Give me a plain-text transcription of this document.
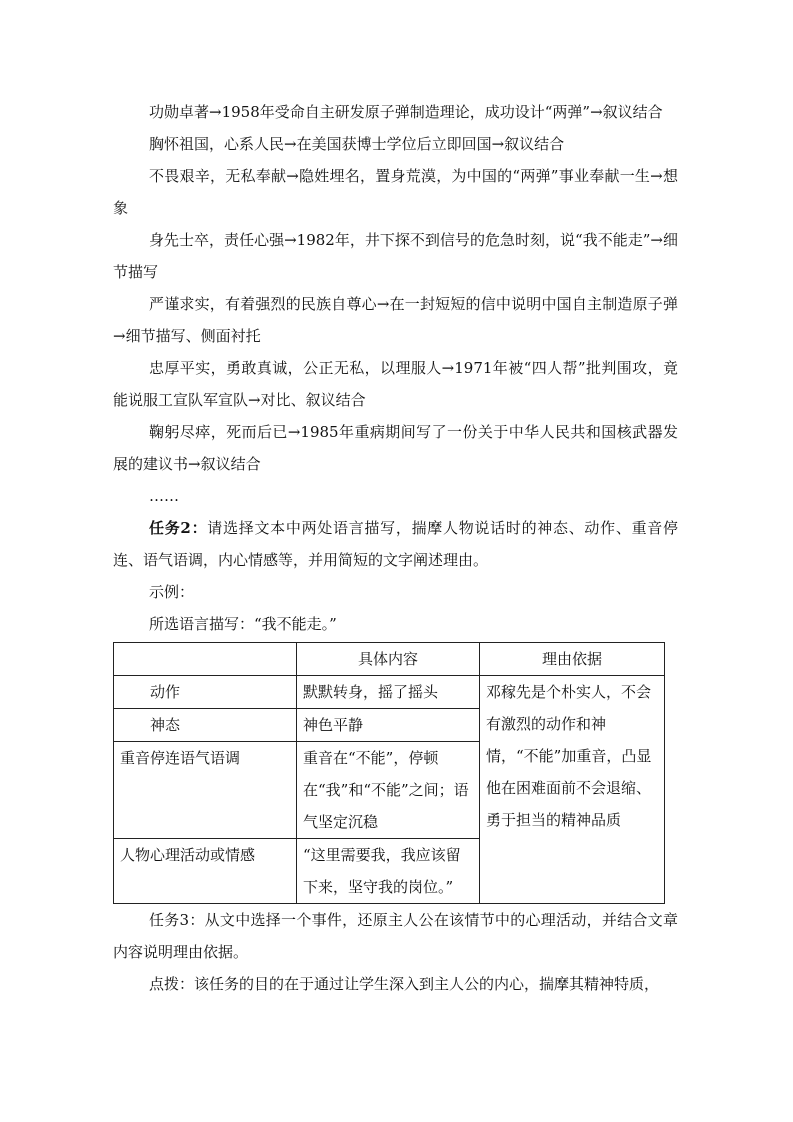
功勋卓著→1958年受命自主研发原子弹制造理论，成功设计“两弹”→叙议结合

胸怀祖国，心系人民→在美国获博士学位后立即回国→叙议结合

不畏艰辛，无私奉献→隐姓埋名，置身荒漠，为中国的“两弹”事业奉献一生→想象

身先士卒，责任心强→1982年，井下探不到信号的危急时刻，说“我不能走”→细节描写

严谨求实，有着强烈的民族自尊心→在一封短短的信中说明中国自主制造原子弹→细节描写、侧面衬托

忠厚平实，勇敢真诚，公正无私，以理服人→1971年被“四人帮”批判围攻，竟能说服工宣队军宣队→对比、叙议结合

鞠躬尽瘁，死而后已→1985年重病期间写了一份关于中华人民共和国核武器发展的建议书→叙议结合

……

任务2：请选择文本中两处语言描写，揣摩人物说话时的神态、动作、重音停连、语气语调，内心情感等，并用简短的文字阐述理由。

示例：

所选语言描写：“我不能走。”

	具体内容	理由依据
动作	默默转身，摇了摇头	邓稼先是个朴实人，不会有激烈的动作和神情，“不能”加重音，凸显他在困难面前不会退缩、勇于担当的精神品质
神态	神色平静	
重音停连语气语调	重音在“不能”，停顿在“我”和“不能”之间；语气坚定沉稳	
人物心理活动或情感	“这里需要我，我应该留下来，坚守我的岗位。”	

任务3：从文中选择一个事件，还原主人公在该情节中的心理活动，并结合文章内容说明理由依据。

点拨：该任务的目的在于通过让学生深入到主人公的内心，揣摩其精神特质，
